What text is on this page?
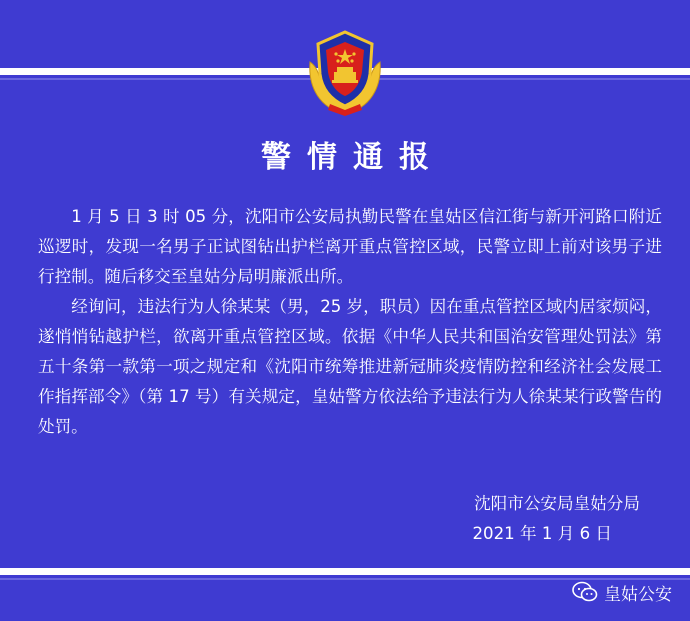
警情通报

1 月 5 日 3 时 05 分，沈阳市公安局执勤民警在皇姑区信江街与新开河路口附近巡逻时，发现一名男子正试图钻出护栏离开重点管控区域，民警立即上前对该男子进行控制。随后移交至皇姑分局明廉派出所。

经询问，违法行为人徐某某（男，25 岁，职员）因在重点管控区域内居家烦闷，遂悄悄钻越护栏，欲离开重点管控区域。依据《中华人民共和国治安管理处罚法》第五十条第一款第一项之规定和《沈阳市统筹推进新冠肺炎疫情防控和经济社会发展工作指挥部令》（第 17 号）有关规定，皇姑警方依法给予违法行为人徐某某行政警告的处罚。

沈阳市公安局皇姑分局
2021 年 1 月 6 日
皇姑公安
